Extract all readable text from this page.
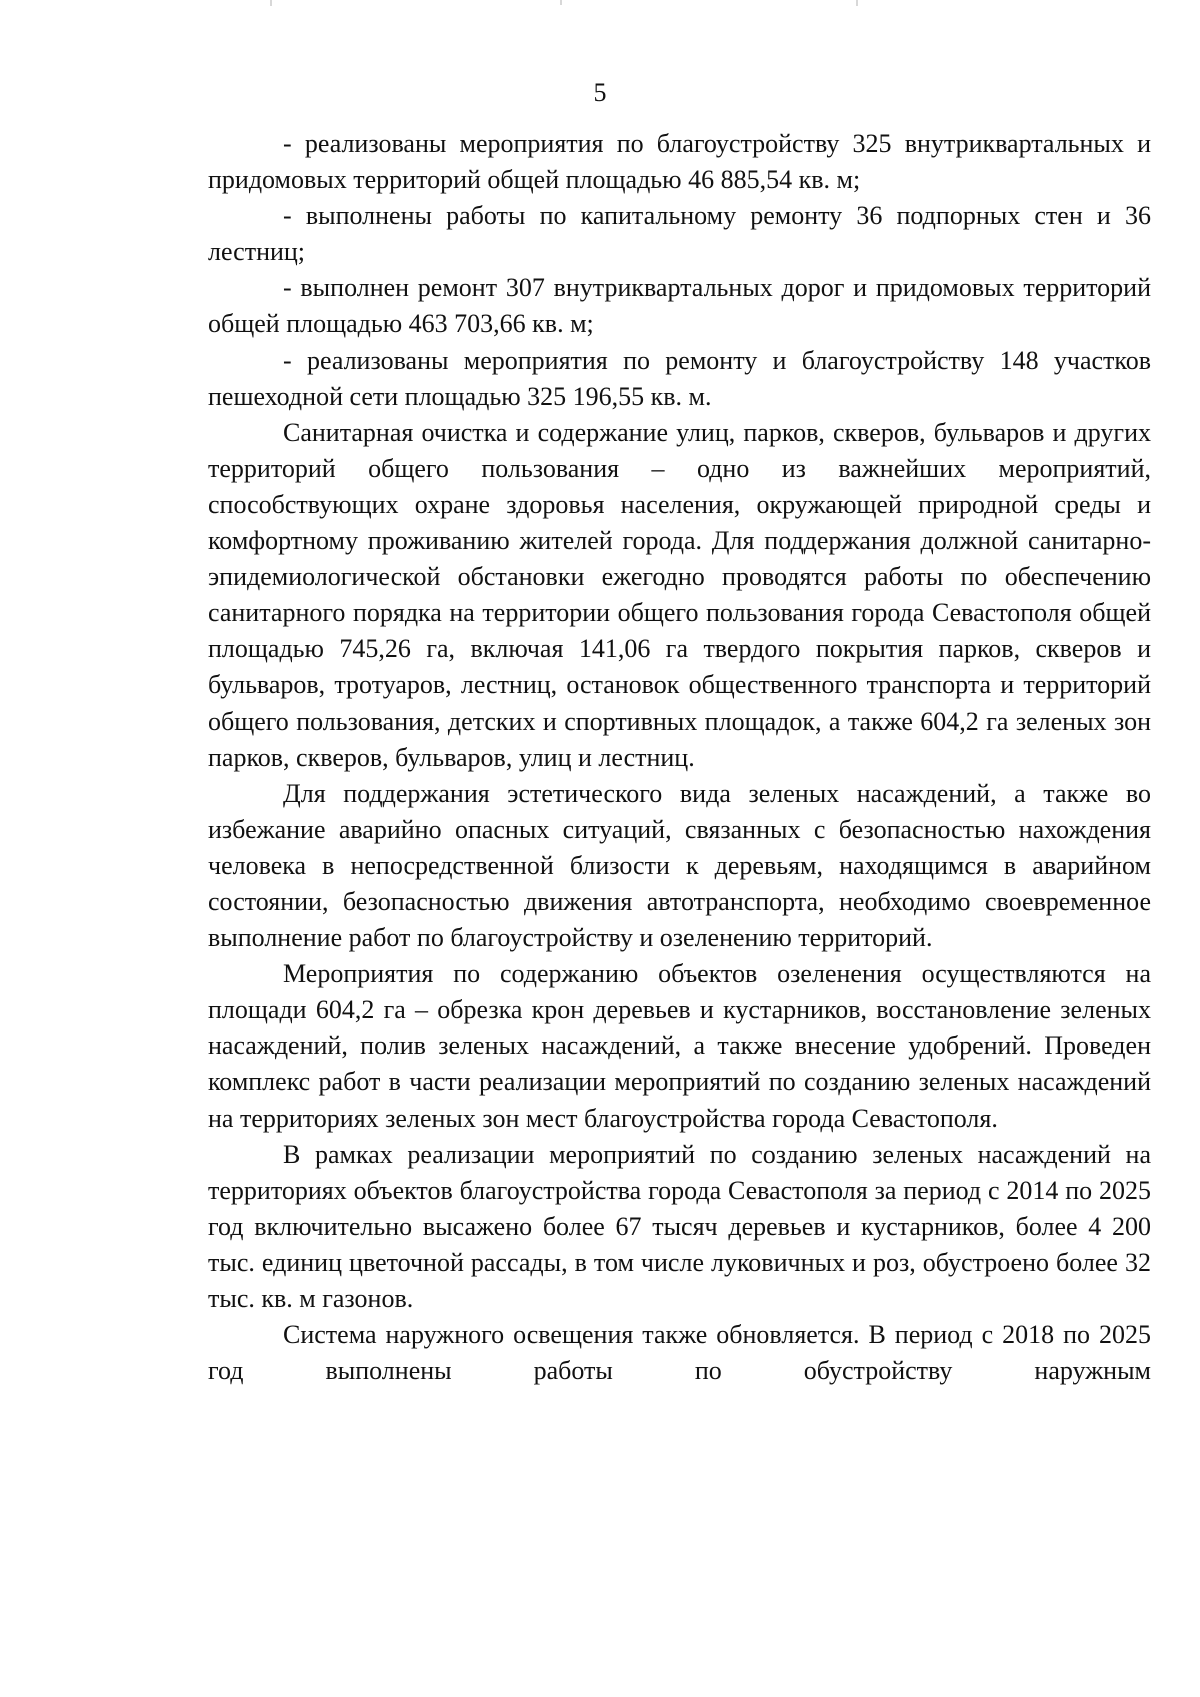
5

- реализованы мероприятия по благоустройству 325 внутриквартальных и придомовых территорий общей площадью 46 885,54 кв. м;

- выполнены работы по капитальному ремонту 36 подпорных стен и 36 лестниц;

- выполнен ремонт 307 внутриквартальных дорог и придомовых территорий общей площадью 463 703,66 кв. м;

- реализованы мероприятия по ремонту и благоустройству 148 участков пешеходной сети площадью 325 196,55 кв. м.

Санитарная очистка и содержание улиц, парков, скверов, бульваров и других территорий общего пользования – одно из важнейших мероприятий, способствующих охране здоровья населения, окружающей природной среды и комфортному проживанию жителей города. Для поддержания должной санитарно-эпидемиологической обстановки ежегодно проводятся работы по обеспечению санитарного порядка на территории общего пользования города Севастополя общей площадью 745,26 га, включая 141,06 га твердого покрытия парков, скверов и бульваров, тротуаров, лестниц, остановок общественного транспорта и территорий общего пользования, детских и спортивных площадок, а также 604,2 га зеленых зон парков, скверов, бульваров, улиц и лестниц.

Для поддержания эстетического вида зеленых насаждений, а также во избежание аварийно опасных ситуаций, связанных с безопасностью нахождения человека в непосредственной близости к деревьям, находящимся в аварийном состоянии, безопасностью движения автотранспорта, необходимо своевременное выполнение работ по благоустройству и озеленению территорий.

Мероприятия по содержанию объектов озеленения осуществляются на площади 604,2 га – обрезка крон деревьев и кустарников, восстановление зеленых насаждений, полив зеленых насаждений, а также внесение удобрений. Проведен комплекс работ в части реализации мероприятий по созданию зеленых насаждений на территориях зеленых зон мест благоустройства города Севастополя.

В рамках реализации мероприятий по созданию зеленых насаждений на территориях объектов благоустройства города Севастополя за период с 2014 по 2025 год включительно высажено более 67 тысяч деревьев и кустарников, более 4 200 тыс. единиц цветочной рассады, в том числе луковичных и роз, обустроено более 32 тыс. кв. м газонов.

Система наружного освещения также обновляется. В период с 2018 по 2025 год выполнены работы по обустройству наружным
